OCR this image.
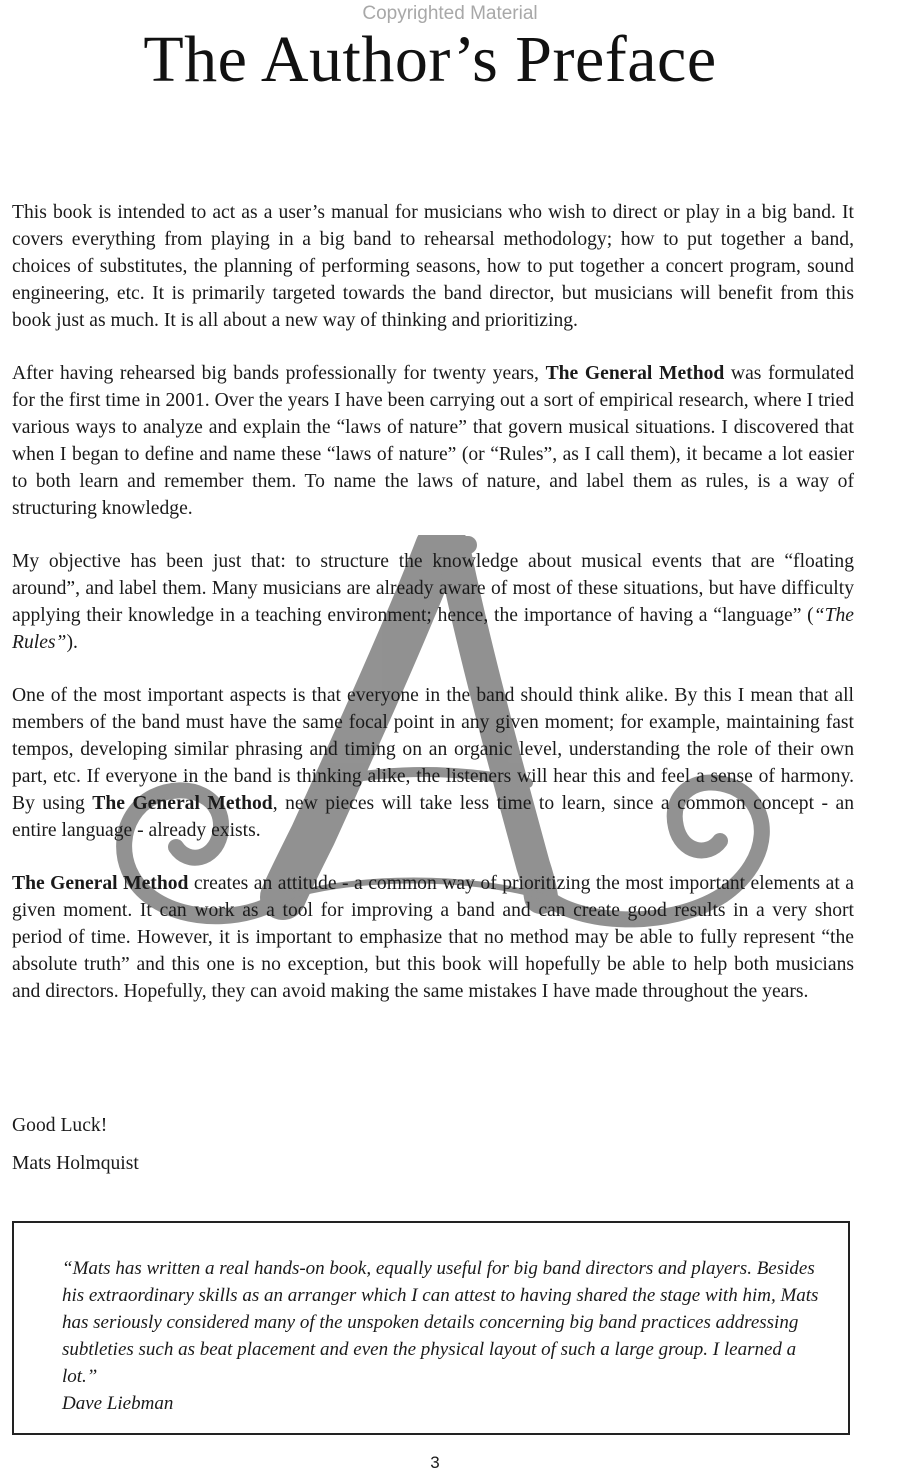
Copyrighted Material
The Author’s Preface

This book is intended to act as a user’s manual for musicians who wish to direct or play in a big band. It covers everything from playing in a big band to rehearsal methodology; how to put together a band, choices of substitutes, the planning of performing seasons, how to put together a concert program, sound engineering, etc. It is primarily targeted towards the band director, but musicians will benefit from this book just as much. It is all about a new way of thinking and prioritizing.

After having rehearsed big bands professionally for twenty years, The General Method was formulated for the first time in 2001. Over the years I have been carrying out a sort of empirical research, where I tried various ways to analyze and explain the “laws of nature” that govern musical situations. I discovered that when I began to define and name these “laws of nature” (or “Rules”, as I call them), it became a lot easier to both learn and remember them. To name the laws of nature, and label them as rules, is a way of structuring knowledge.

My objective has been just that: to structure the knowledge about musical events that are “floating around”, and label them. Many musicians are already aware of most of these situations, but have difficulty applying their knowledge in a teaching environment; hence, the importance of having a “language” (“The Rules”).

One of the most important aspects is that everyone in the band should think alike. By this I mean that all members of the band must have the same focal point in any given moment; for example, maintaining fast tempos, developing similar phrasing and timing on an organic level, understanding the role of their own part, etc. If everyone in the band is thinking alike, the listeners will hear this and feel a sense of harmony. By using The General Method, new pieces will take less time to learn, since a common concept - an entire language - already exists.

The General Method creates an attitude - a common way of prioritizing the most important elements at a given moment. It can work as a tool for improving a band and can create good results in a very short period of time. However, it is important to emphasize that no method may be able to fully represent “the absolute truth” and this one is no exception, but this book will hopefully be able to help both musicians and directors. Hopefully, they can avoid making the same mistakes I have made throughout the years.

Good Luck!
Mats Holmquist
“Mats has written a real hands-on book, equally useful for big band directors and players. Besides his extraordinary skills as an arranger which I can attest to having shared the stage with him, Mats has seriously considered many of the unspoken details concerning big band practices addressing subtleties such as beat placement and even the physical layout of such a large group. I learned a lot.”
Dave Liebman
3
